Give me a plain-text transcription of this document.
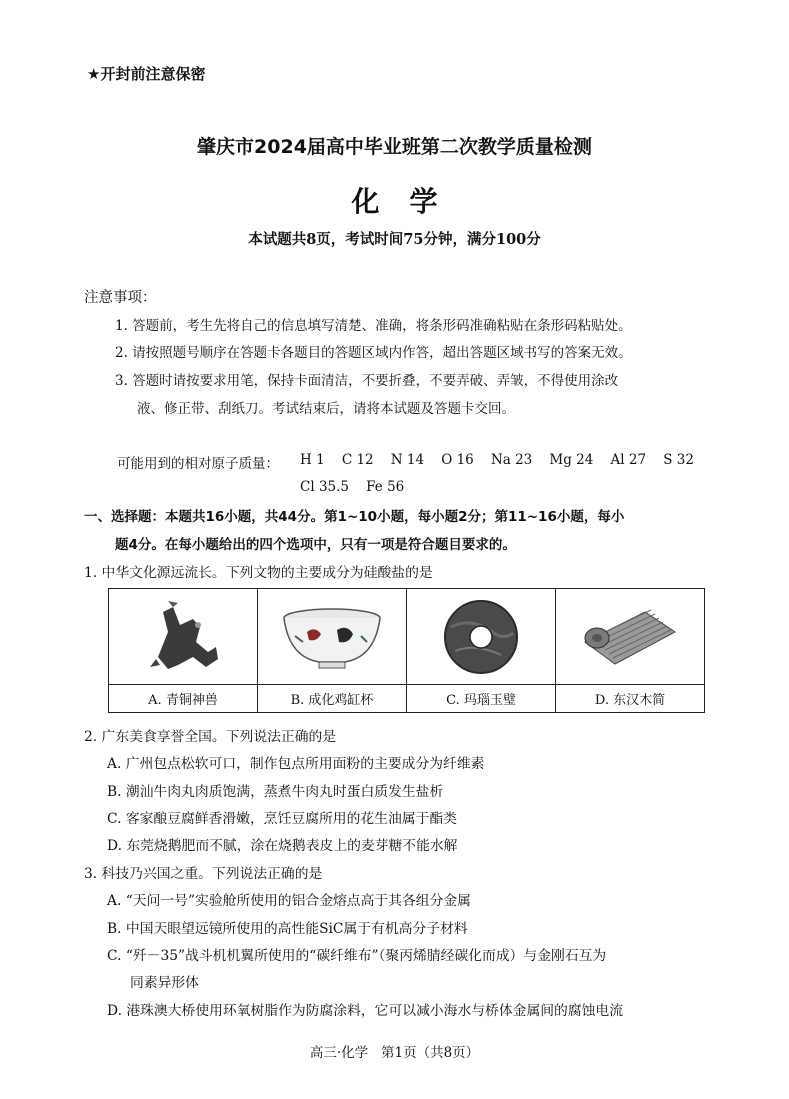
★开封前注意保密
肇庆市2024届高中毕业班第二次教学质量检测
化学
本试题共8页，考试时间75分钟，满分100分
注意事项：
1. 答题前，考生先将自己的信息填写清楚、准确，将条形码准确粘贴在条形码粘贴处。
2. 请按照题号顺序在答题卡各题目的答题区域内作答，超出答题区域书写的答案无效。
3. 答题时请按要求用笔，保持卡面清洁，不要折叠，不要弄破、弄皱，不得使用涂改
液、修正带、刮纸刀。考试结束后，请将本试题及答题卡交回。
可能用到的相对原子质量： H 1    C 12    N 14    O 16    Na 23    Mg 24    Al 27    S 32
Cl 35.5    Fe 56
一、选择题：本题共16小题，共44分。第1~10小题，每小题2分；第11~16小题，每小
题4分。在每小题给出的四个选项中，只有一项是符合题目要求的。
1. 中华文化源远流长。下列文物的主要成分为硅酸盐的是

A. 青铜神兽	B. 成化鸡缸杯	C. 玛瑙玉璧	D. 东汉木简
2. 广东美食享誉全国。下列说法正确的是
A. 广州包点松软可口，制作包点所用面粉的主要成分为纤维素
B. 潮汕牛肉丸肉质饱满，蒸煮牛肉丸时蛋白质发生盐析
C. 客家酿豆腐鲜香滑嫩，烹饪豆腐所用的花生油属于酯类
D. 东莞烧鹅肥而不腻，涂在烧鹅表皮上的麦芽糖不能水解
3. 科技乃兴国之重。下列说法正确的是
A. “天问一号”实验舱所使用的铝合金熔点高于其各组分金属
B. 中国天眼望远镜所使用的高性能SiC属于有机高分子材料
C. “歼－35”战斗机机翼所使用的“碳纤维布”（聚丙烯腈经碳化而成）与金刚石互为
同素异形体
D. 港珠澳大桥使用环氧树脂作为防腐涂料，它可以减小海水与桥体金属间的腐蚀电流
高三·化学   第1页（共8页）
